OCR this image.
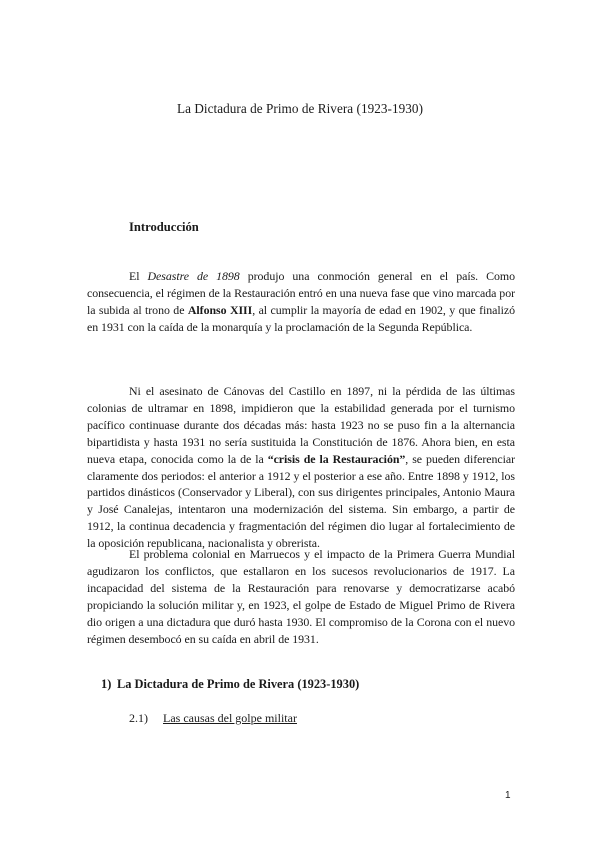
La Dictadura de Primo de Rivera (1923-1930)
Introducción

El Desastre de 1898 produjo una conmoción general en el país. Como consecuencia, el régimen de la Restauración entró en una nueva fase que vino marcada por la subida al trono de Alfonso XIII, al cumplir la mayoría de edad en 1902, y que finalizó en 1931 con la caída de la monarquía y la proclamación de la Segunda República.

Ni el asesinato de Cánovas del Castillo en 1897, ni la pérdida de las últimas colonias de ultramar en 1898, impidieron que la estabilidad generada por el turnismo pacífico continuase durante dos décadas más: hasta 1923 no se puso fin a la alternancia bipartidista y hasta 1931 no sería sustituida la Constitución de 1876. Ahora bien, en esta nueva etapa, conocida como la de la “crisis de la Restauración”, se pueden diferenciar claramente dos periodos: el anterior a 1912 y el posterior a ese año. Entre 1898 y 1912, los partidos dinásticos (Conservador y Liberal), con sus dirigentes principales, Antonio Maura y José Canalejas, intentaron una modernización del sistema. Sin embargo, a partir de 1912, la continua decadencia y fragmentación del régimen dio lugar al fortalecimiento de la oposición republicana, nacionalista y obrerista.

El problema colonial en Marruecos y el impacto de la Primera Guerra Mundial agudizaron los conflictos, que estallaron en los sucesos revolucionarios de 1917. La incapacidad del sistema de la Restauración para renovarse y democratizarse acabó propiciando la solución militar y, en 1923, el golpe de Estado de Miguel Primo de Rivera dio origen a una dictadura que duró hasta 1930. El compromiso de la Corona con el nuevo régimen desembocó en su caída en abril de 1931.

1) La Dictadura de Primo de Rivera (1923-1930)
2.1) Las causas del golpe militar
1
